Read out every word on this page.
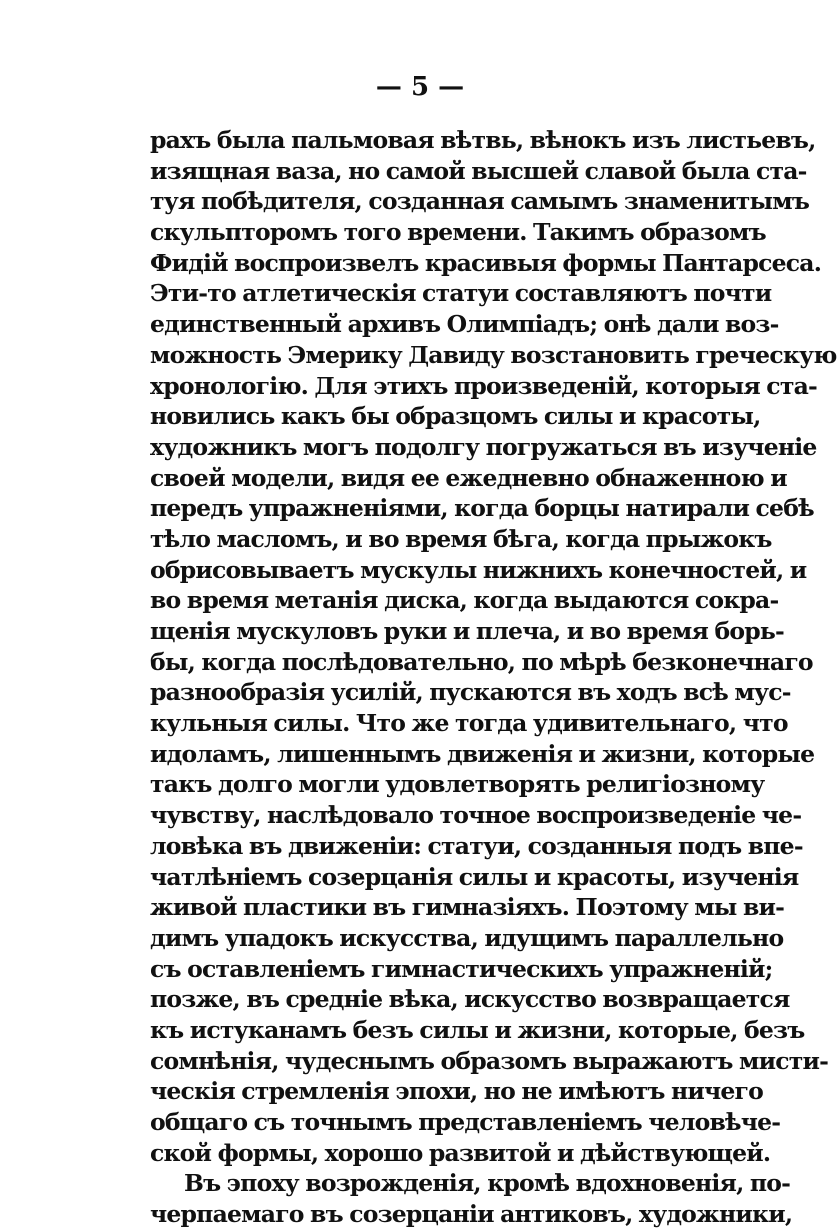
— 5 —
рахъ была пальмовая вѣтвь, вѣнокъ изъ листьевъ,
изящная ваза, но самой высшей славой была ста-
туя побѣдителя, созданная самымъ знаменитымъ
скульпторомъ того времени. Такимъ образомъ
Фидій воспроизвелъ красивыя формы Пантарсеса.
Эти-то атлетическія статуи составляютъ почти
единственный архивъ Олимпіадъ; онѣ дали воз-
можность Эмерику Давиду возстановить греческую
хронологію. Для этихъ произведеній, которыя ста-
новились какъ бы образцомъ силы и красоты,
художникъ могъ подолгу погружаться въ изученіе
своей модели, видя ее ежедневно обнаженною и
передъ упражненіями, когда борцы натирали себѣ
тѣло масломъ, и во время бѣга, когда прыжокъ
обрисовываетъ мускулы нижнихъ конечностей, и
во время метанія диска, когда выдаются сокра-
щенія мускуловъ руки и плеча, и во время борь-
бы, когда послѣдовательно, по мѣрѣ безконечнаго
разнообразія усилій, пускаются въ ходъ всѣ мус-
кульныя силы. Что же тогда удивительнаго, что
идоламъ, лишеннымъ движенія и жизни, которые
такъ долго могли удовлетворять религіозному
чувству, наслѣдовало точное воспроизведеніе че-
ловѣка въ движеніи: статуи, созданныя подъ впе-
чатлѣніемъ созерцанія силы и красоты, изученія
живой пластики въ гимназіяхъ. Поэтому мы ви-
димъ упадокъ искусства, идущимъ параллельно
съ оставленіемъ гимнастическихъ упражненій;
позже, въ средніе вѣка, искусство возвращается
къ истуканамъ безъ силы и жизни, которые, безъ
сомнѣнія, чудеснымъ образомъ выражаютъ мисти-
ческія стремленія эпохи, но не имѣютъ ничего
общаго съ точнымъ представленіемъ человѣче-
ской формы, хорошо развитой и дѣйствующей.
Въ эпоху возрожденія, кромѣ вдохновенія, по-
черпаемаго въ созерцаніи антиковъ, художники,
